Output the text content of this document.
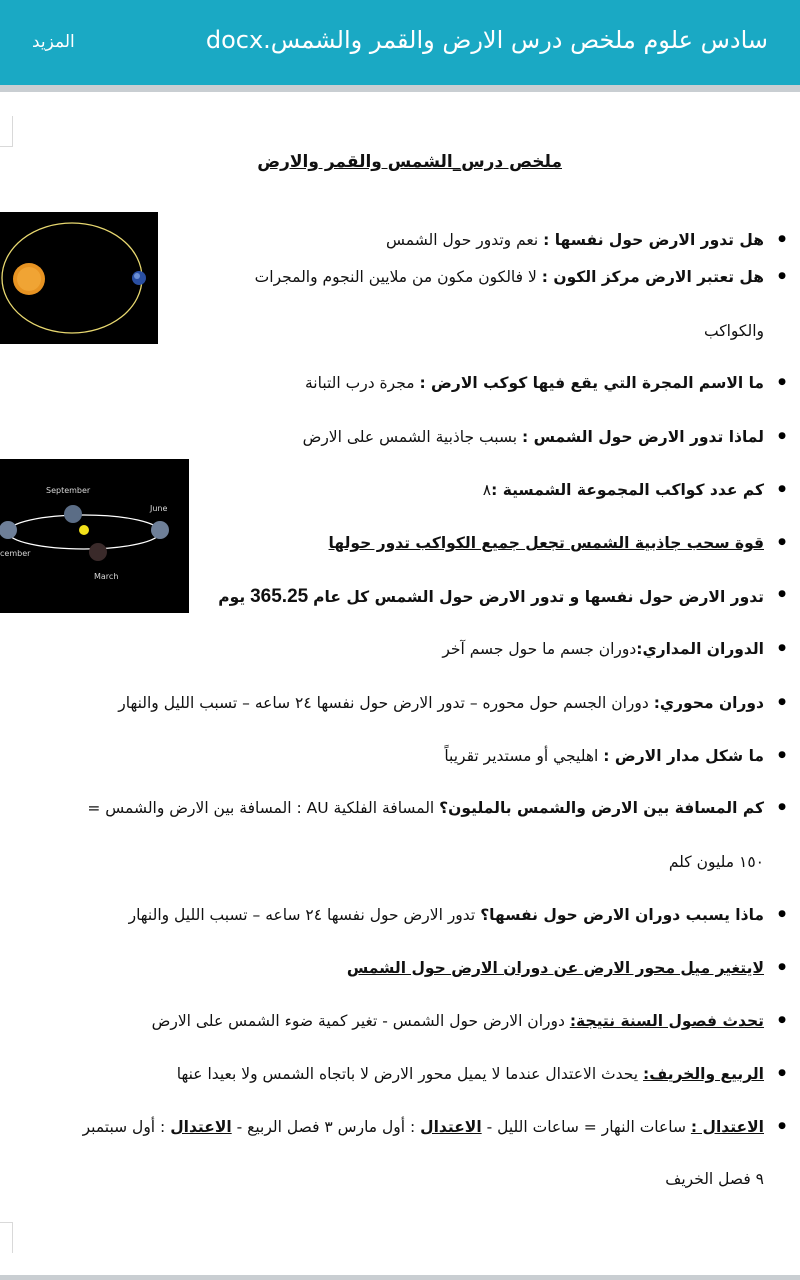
سادس علوم ملخص درس الارض والقمر والشمس.docx
المزيد
ملخص درس_الشمس والقمر والارض
September
June
cember
March
● هل تدور الارض حول نفسها : نعم وتدور حول الشمس
● هل تعتبر الارض مركز الكون : لا فالكون مكون من ملايين النجوم والمجرات
والكواكب
● ما الاسم المجرة التي يقع فيها كوكب الارض : مجرة درب التبانة
● لماذا تدور الارض حول الشمس : بسبب جاذبية الشمس على الارض
● كم عدد كواكب المجموعة الشمسية :٨
● قوة سحب جاذبية الشمس تجعل جميع الكواكب تدور حولها
● تدور الارض حول نفسها و تدور الارض حول الشمس كل عام 365.25 يوم
● الدوران المداري:دوران جسم ما حول جسم آخر
● دوران محوري: دوران الجسم حول محوره – تدور الارض حول نفسها ٢٤ ساعه – تسبب الليل والنهار
● ما شكل مدار الارض : اهليجي أو مستدير تقريباً
● كم المسافة بين الارض والشمس بالمليون؟ المسافة الفلكية AU : المسافة بين الارض والشمس =
١٥٠ مليون كلم
● ماذا يسبب دوران الارض حول نفسها؟ تدور الارض حول نفسها ٢٤ ساعه – تسبب الليل والنهار
● لايتغير ميل محور الارض عن دوران الارض حول الشمس
● تحدث فصول السنة نتيجة: دوران الارض حول الشمس - تغير كمية ضوء الشمس على الارض
● الربيع والخريف: يحدث الاعتدال عندما لا يميل محور الارض لا باتجاه الشمس ولا بعيدا عنها
● الاعتدال : ساعات النهار = ساعات الليل - الاعتدال : أول مارس ٣ فصل الربيع - الاعتدال : أول سبتمبر
٩ فصل الخريف
